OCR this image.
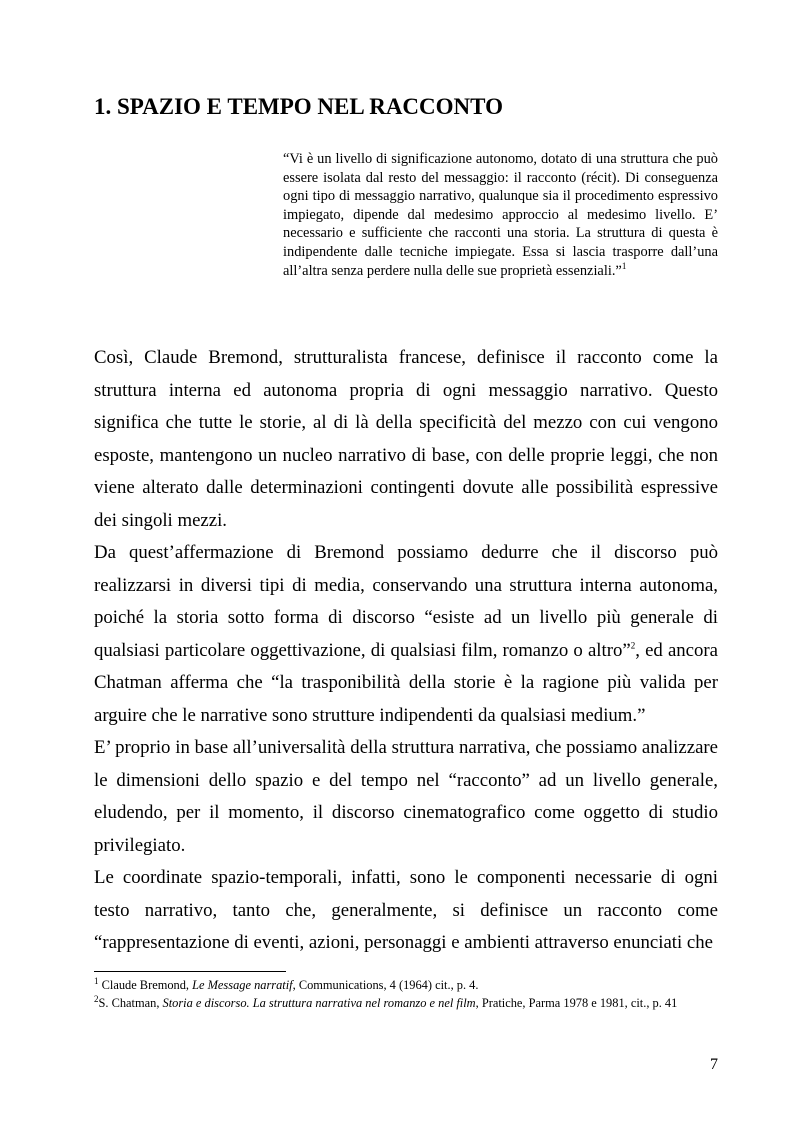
1. SPAZIO E TEMPO NEL RACCONTO

“Vi è un livello di significazione autonomo, dotato di una struttura che può essere isolata dal resto del messaggio: il racconto (récit). Di conseguenza ogni tipo di messaggio narrativo, qualunque sia il procedimento espressivo impiegato, dipende dal medesimo approccio al medesimo livello. E’ necessario e sufficiente che racconti una storia. La struttura di questa è indipendente dalle tecniche impiegate. Essa si lascia trasporre dall’una all’altra senza perdere nulla delle sue proprietà essenziali.”$^1$

Così, Claude Bremond, strutturalista francese, definisce il racconto come la struttura interna ed autonoma propria di ogni messaggio narrativo. Questo significa che tutte le storie, al di là della specificità del mezzo con cui vengono esposte, mantengono un nucleo narrativo di base, con delle proprie leggi, che non viene alterato dalle determinazioni contingenti dovute alle possibilità espressive dei singoli mezzi.

Da quest’affermazione di Bremond possiamo dedurre che il discorso può realizzarsi in diversi tipi di media, conservando una struttura interna autonoma, poiché la storia sotto forma di discorso “esiste ad un livello più generale di qualsiasi particolare oggettivazione, di qualsiasi film, romanzo o altro”$^2$, ed ancora Chatman afferma che “la trasponibilità della storie è la ragione più valida per arguire che le narrative sono strutture indipendenti da qualsiasi medium.”

E’ proprio in base all’universalità della struttura narrativa, che possiamo analizzare le dimensioni dello spazio e del tempo nel “racconto” ad un livello generale, eludendo, per il momento, il discorso cinematografico come oggetto di studio privilegiato.

Le coordinate spazio-temporali, infatti, sono le componenti necessarie di ogni testo narrativo, tanto che, generalmente, si definisce un racconto come “rappresentazione di eventi, azioni, personaggi e ambienti attraverso enunciati che

$^1$ Claude Bremond, Le Message narratif, Communications, 4 (1964) cit., p. 4.

$^2$S. Chatman, Storia e discorso. La struttura narrativa nel romanzo e nel film, Pratiche, Parma 1978 e 1981, cit., p. 41

7
